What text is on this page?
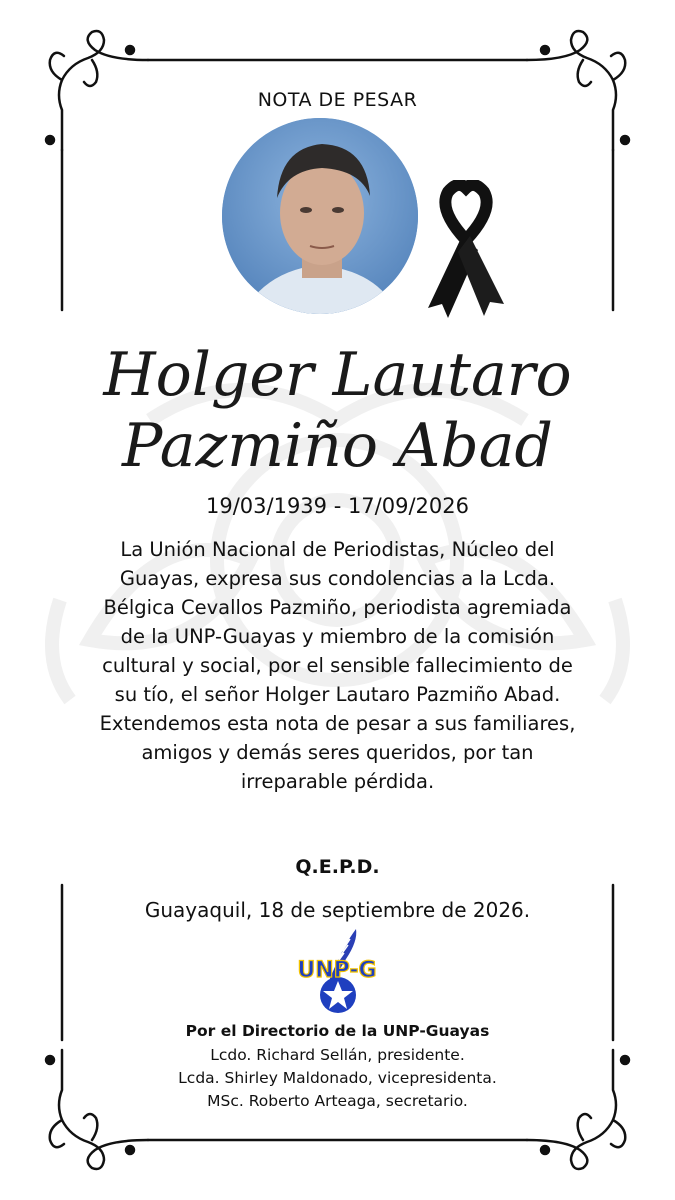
NOTA DE PESAR
Holger Lautaro
Pazmiño Abad
19/03/1939 - 17/09/2026
La Unión Nacional de Periodistas, Núcleo del Guayas, expresa sus condolencias a la Lcda. Bélgica Cevallos Pazmiño, periodista agremiada de la UNP-Guayas y miembro de la comisión cultural y social, por el sensible fallecimiento de su tío, el señor Holger Lautaro Pazmiño Abad.
Extendemos esta nota de pesar a sus familiares, amigos y demás seres queridos, por tan irreparable pérdida.
Q.E.P.D.
Guayaquil, 18 de septiembre de 2026.
UNP-G
Por el Directorio de la UNP-Guayas
Lcdo. Richard Sellán, presidente.
Lcda. Shirley Maldonado, vicepresidenta.
MSc. Roberto Arteaga, secretario.
